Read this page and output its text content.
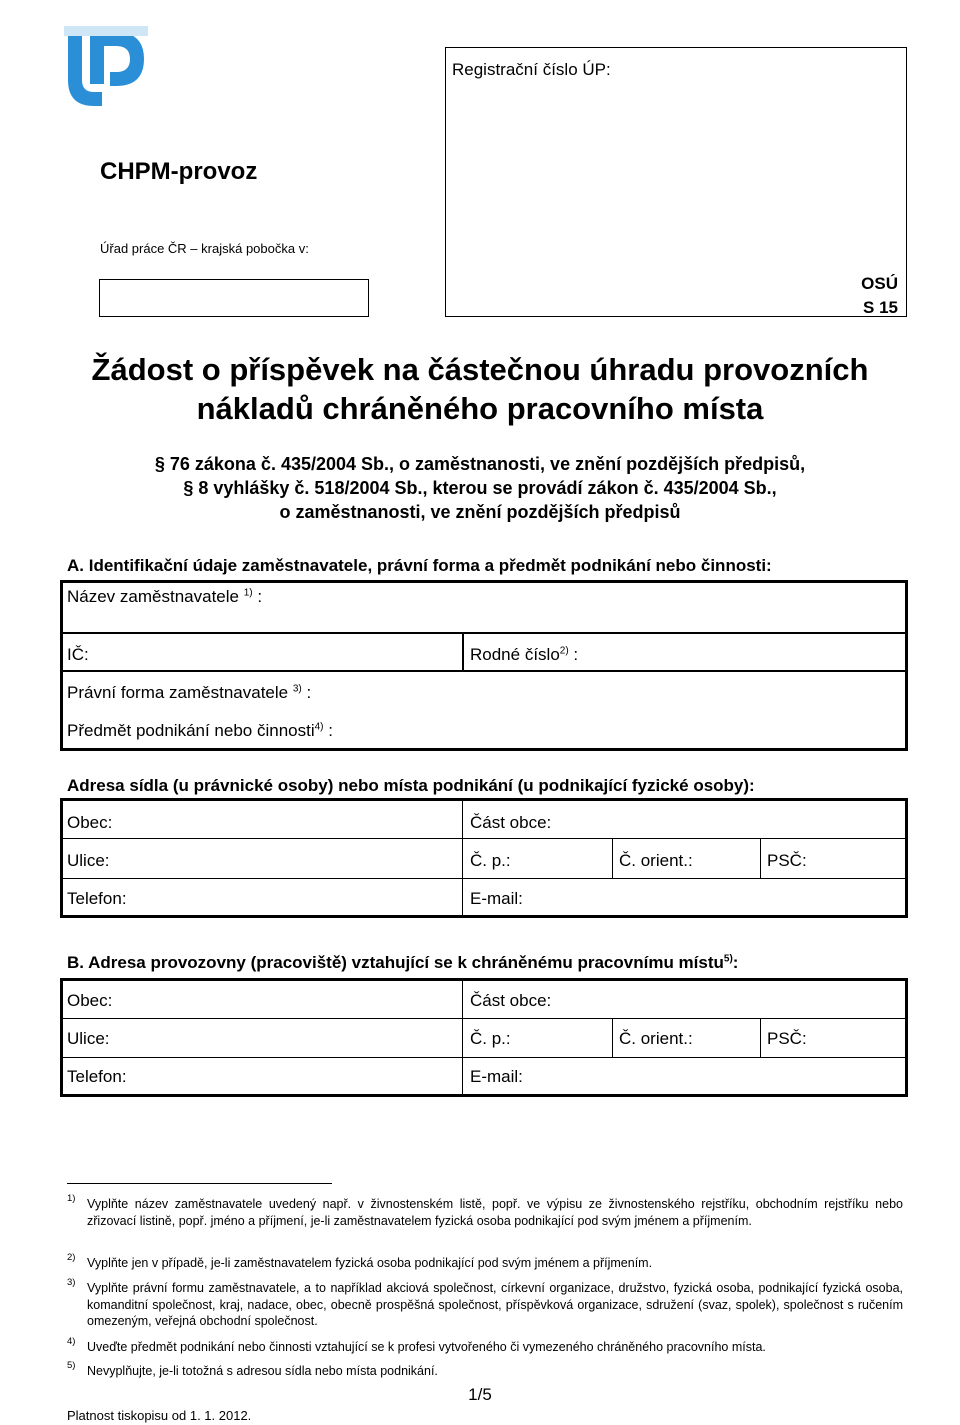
Registrační číslo ÚP:
OSÚ
S 15
CHPM-provoz
Úřad práce ČR – krajská pobočka v:
Žádost o příspěvek na částečnou úhradu provozních
nákladů chráněného pracovního místa
§ 76 zákona č. 435/2004 Sb., o zaměstnanosti, ve znění pozdějších předpisů,
§ 8 vyhlášky č. 518/2004 Sb., kterou se provádí zákon č. 435/2004 Sb.,
o zaměstnanosti, ve znění pozdějších předpisů
A. Identifikační údaje zaměstnavatele, právní forma a předmět podnikání nebo činnosti:
Název zaměstnavatele $^{1)}$ :
IČ:	Rodné číslo$^{2)}$ :
Právní forma zaměstnavatele $^{3)}$ :
Předmět podnikání nebo činnosti$^{4)}$ :
Adresa sídla (u právnické osoby) nebo místa podnikání (u podnikající fyzické osoby):
Obec:	Část obce:
Ulice:	Č. p.:	Č. orient.:	PSČ:
Telefon:	E-mail:
B. Adresa provozovny (pracoviště) vztahující se k chráněnému pracovnímu místu$^{5)}$:
Obec:	Část obce:
Ulice:	Č. p.:	Č. orient.:	PSČ:
Telefon:	E-mail:
1) Vyplňte název zaměstnavatele uvedený např. v živnostenském listě, popř. ve výpisu ze živnostenského rejstříku, obchodním rejstříku nebo zřizovací listině, popř. jméno a příjmení, je-li zaměstnavatelem fyzická osoba podnikající pod svým jménem a příjmením.
2) Vyplňte jen v případě, je-li zaměstnavatelem fyzická osoba podnikající pod svým jménem a příjmením.
3) Vyplňte právní formu zaměstnavatele, a to například akciová společnost, církevní organizace, družstvo, fyzická osoba, podnikající fyzická osoba, komanditní společnost, kraj, nadace, obec, obecně prospěšná společnost, příspěvková organizace, sdružení (svaz, spolek), společnost s ručením omezeným, veřejná obchodní společnost.
4) Uveďte předmět podnikání nebo činnosti vztahující se k profesi vytvořeného či vymezeného chráněného pracovního místa.
5) Nevyplňujte, je-li totožná s adresou sídla nebo místa podnikání.
1/5
Platnost tiskopisu od 1. 1. 2012.
